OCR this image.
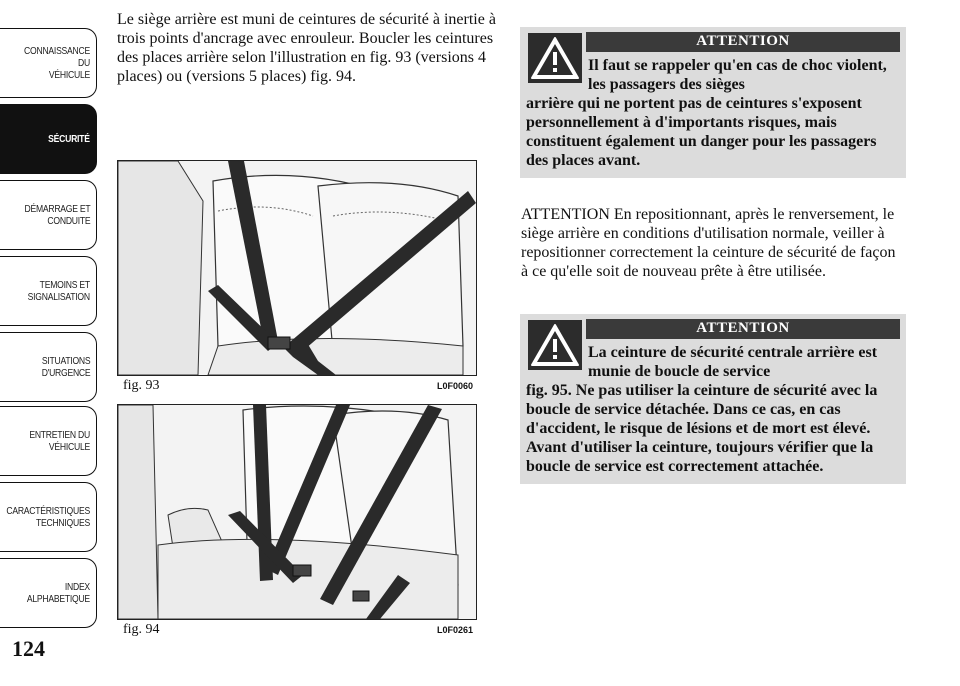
CONNAISSANCE DU
VÉHICULE
SÉCURITÉ
DÉMARRAGE ET
CONDUITE
TEMOINS ET
SIGNALISATION
SITUATIONS
D'URGENCE
ENTRETIEN DU
VÉHICULE
CARACTÉRISTIQUES
TECHNIQUES
INDEX
ALPHABETIQUE
124

Le siège arrière est muni de ceintures de sécurité à inertie à trois points d'ancrage avec enrouleur. Boucler les ceintures des places arrière selon l'illustration en fig. 93 (versions 4 places) ou (versions 5 places) fig. 94.

fig. 93	L0F0060
fig. 94	L0F0261
ATTENTION
Il faut se rappeler qu'en cas de choc violent, les passagers des sièges
arrière qui ne portent pas de ceintures s'exposent personnellement à d'importants risques, mais constituent également un danger pour les passagers des places avant.

ATTENTION En repositionnant, après le renversement, le siège arrière en conditions d'utilisation normale, veiller à repositionner correctement la ceinture de sécurité de façon à ce qu'elle soit de nouveau prête à être utilisée.

ATTENTION
La ceinture de sécurité centrale arrière est munie de boucle de service
fig. 95. Ne pas utiliser la ceinture de sécurité avec la boucle de service détachée. Dans ce cas, en cas d'accident, le risque de lésions et de mort est élevé. Avant d'utiliser la ceinture, toujours vérifier que la boucle de service est correctement attachée.
